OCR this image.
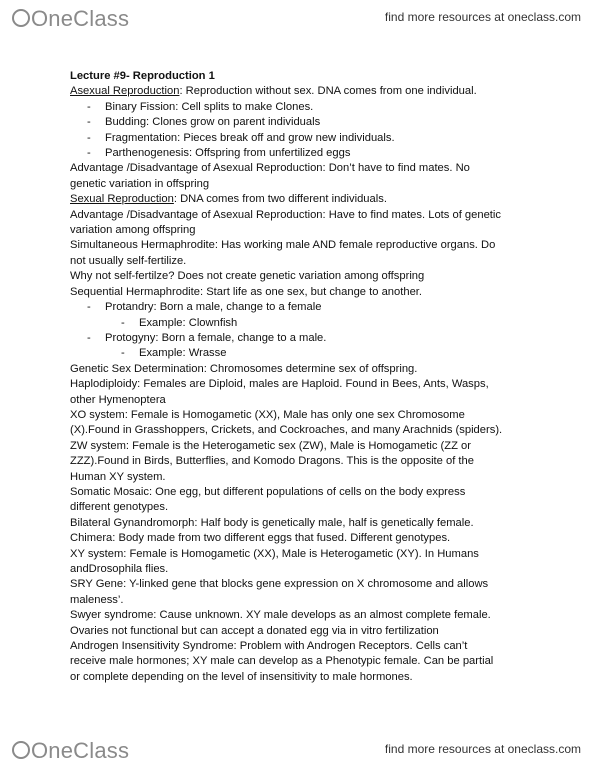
OneClass	find more resources at oneclass.com
Lecture #9- Reproduction 1
Asexual Reproduction: Reproduction without sex. DNA comes from one individual.
- Binary Fission: Cell splits to make Clones.
- Budding: Clones grow on parent individuals
- Fragmentation: Pieces break off and grow new individuals.
- Parthenogenesis: Offspring from unfertilized eggs
Advantage /Disadvantage of Asexual Reproduction: Don’t have to find mates. No
genetic variation in offspring
Sexual Reproduction: DNA comes from two different individuals.
Advantage /Disadvantage of Asexual Reproduction: Have to find mates. Lots of genetic
variation among offspring
Simultaneous Hermaphrodite: Has working male AND female reproductive organs. Do
not usually self-fertilize.
Why not self-fertilze? Does not create genetic variation among offspring
Sequential Hermaphrodite: Start life as one sex, but change to another.
- Protandry: Born a male, change to a female
- Example: Clownfish
- Protogyny: Born a female, change to a male.
- Example: Wrasse
Genetic Sex Determination: Chromosomes determine sex of offspring.
Haplodiploidy: Females are Diploid, males are Haploid. Found in Bees, Ants, Wasps,
other Hymenoptera
XO system: Female is Homogametic (XX), Male has only one sex Chromosome
(X).Found in Grasshoppers, Crickets, and Cockroaches, and many Arachnids (spiders).
ZW system: Female is the Heterogametic sex (ZW), Male is Homogametic (ZZ or
ZZZ).Found in Birds, Butterflies, and Komodo Dragons. This is the opposite of the
Human XY system.
Somatic Mosaic: One egg, but different populations of cells on the body express
different genotypes.
Bilateral Gynandromorph: Half body is genetically male, half is genetically female.
Chimera: Body made from two different eggs that fused. Different genotypes.
XY system: Female is Homogametic (XX), Male is Heterogametic (XY). In Humans
andDrosophila flies.
SRY Gene: Y-linked gene that blocks gene expression on X chromosome and allows
maleness’.
Swyer syndrome: Cause unknown. XY male develops as an almost complete female.
Ovaries not functional but can accept a donated egg via in vitro fertilization
Androgen Insensitivity Syndrome: Problem with Androgen Receptors. Cells can’t
receive male hormones; XY male can develop as a Phenotypic female. Can be partial
or complete depending on the level of insensitivity to male hormones.
OneClass	find more resources at oneclass.com
